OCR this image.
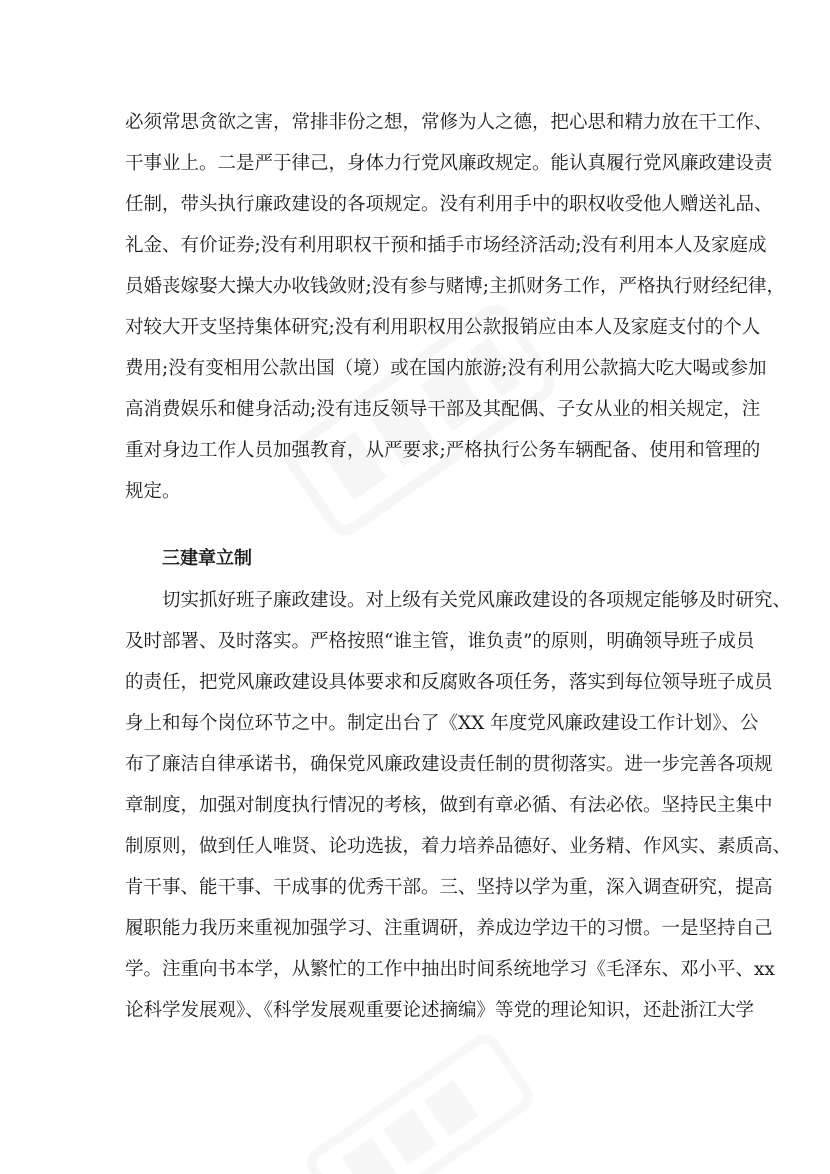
必须常思贪欲之害，常排非份之想，常修为人之德，把心思和精力放在干工作、
干事业上。二是严于律己，身体力行党风廉政规定。能认真履行党风廉政建设责
任制，带头执行廉政建设的各项规定。没有利用手中的职权收受他人赠送礼品、
礼金、有价证券;没有利用职权干预和插手市场经济活动;没有利用本人及家庭成
员婚丧嫁娶大操大办收钱敛财;没有参与赌博;主抓财务工作，严格执行财经纪律，
对较大开支坚持集体研究;没有利用职权用公款报销应由本人及家庭支付的个人
费用;没有变相用公款出国（境）或在国内旅游;没有利用公款搞大吃大喝或参加
高消费娱乐和健身活动;没有违反领导干部及其配偶、子女从业的相关规定，注
重对身边工作人员加强教育，从严要求;严格执行公务车辆配备、使用和管理的
规定。
三建章立制
切实抓好班子廉政建设。对上级有关党风廉政建设的各项规定能够及时研究、
及时部署、及时落实。严格按照“谁主管，谁负责”的原则，明确领导班子成员
的责任，把党风廉政建设具体要求和反腐败各项任务，落实到每位领导班子成员
身上和每个岗位环节之中。制定出台了《XX 年度党风廉政建设工作计划》、公
布了廉洁自律承诺书，确保党风廉政建设责任制的贯彻落实。进一步完善各项规
章制度，加强对制度执行情况的考核，做到有章必循、有法必依。坚持民主集中
制原则，做到任人唯贤、论功选拔，着力培养品德好、业务精、作风实、素质高、
肯干事、能干事、干成事的优秀干部。三、坚持以学为重，深入调查研究，提高
履职能力我历来重视加强学习、注重调研，养成边学边干的习惯。一是坚持自己
学。注重向书本学，从繁忙的工作中抽出时间系统地学习《毛泽东、邓小平、xx
论科学发展观》、《科学发展观重要论述摘编》等党的理论知识，还赴浙江大学
